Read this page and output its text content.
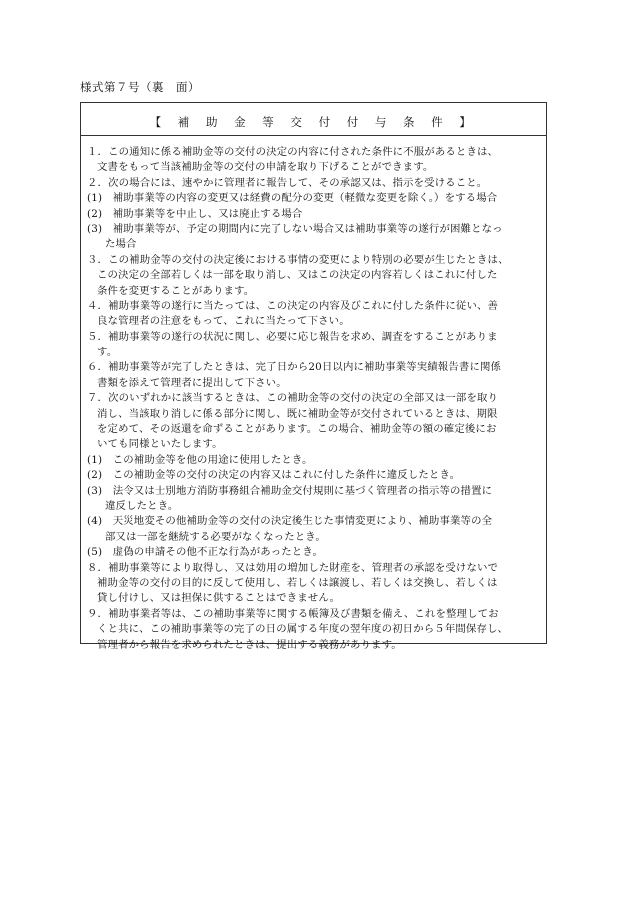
様式第７号（裏　面）
【 補 助 金 等 交 付 付 与 条 件 】
１．この通知に係る補助金等の交付の決定の内容に付された条件に不服があるときは、
文書をもって当該補助金等の交付の申請を取り下げることができます。
２．次の場合には、速やかに管理者に報告して、その承認又は、指示を受けること。
(1)　補助事業等の内容の変更又は経費の配分の変更（軽微な変更を除く。）をする場合
(2)　補助事業等を中止し、又は廃止する場合
(3)　補助事業等が、予定の期間内に完了しない場合又は補助事業等の遂行が困難となっ
た場合
３．この補助金等の交付の決定後における事情の変更により特別の必要が生じたときは、
この決定の全部若しくは一部を取り消し、又はこの決定の内容若しくはこれに付した
条件を変更することがあります。
４．補助事業等の遂行に当たっては、この決定の内容及びこれに付した条件に従い、善
良な管理者の注意をもって、これに当たって下さい。
５．補助事業等の遂行の状況に関し、必要に応じ報告を求め、調査をすることがありま
す。
６．補助事業等が完了したときは、完了日から20日以内に補助事業等実績報告書に関係
書類を添えて管理者に提出して下さい。
７．次のいずれかに該当するときは、この補助金等の交付の決定の全部又は一部を取り
消し、当該取り消しに係る部分に関し、既に補助金等が交付されているときは、期限
を定めて、その返還を命ずることがあります。この場合、補助金等の額の確定後にお
いても同様といたします。
(1)　この補助金等を他の用途に使用したとき。
(2)　この補助金等の交付の決定の内容又はこれに付した条件に違反したとき。
(3)　法令又は士別地方消防事務組合補助金交付規則に基づく管理者の指示等の措置に
違反したとき。
(4)　天災地変その他補助金等の交付の決定後生じた事情変更により、補助事業等の全
部又は一部を継続する必要がなくなったとき。
(5)　虚偽の申請その他不正な行為があったとき。
８．補助事業等により取得し、又は効用の増加した財産を、管理者の承認を受けないで
補助金等の交付の目的に反して使用し、若しくは譲渡し、若しくは交換し、若しくは
貸し付けし、又は担保に供することはできません。
９．補助事業者等は、この補助事業等に関する帳簿及び書類を備え、これを整理してお
くと共に、この補助事業等の完了の日の属する年度の翌年度の初日から５年間保存し、
管理者から報告を求められたときは、提出する義務があります。
